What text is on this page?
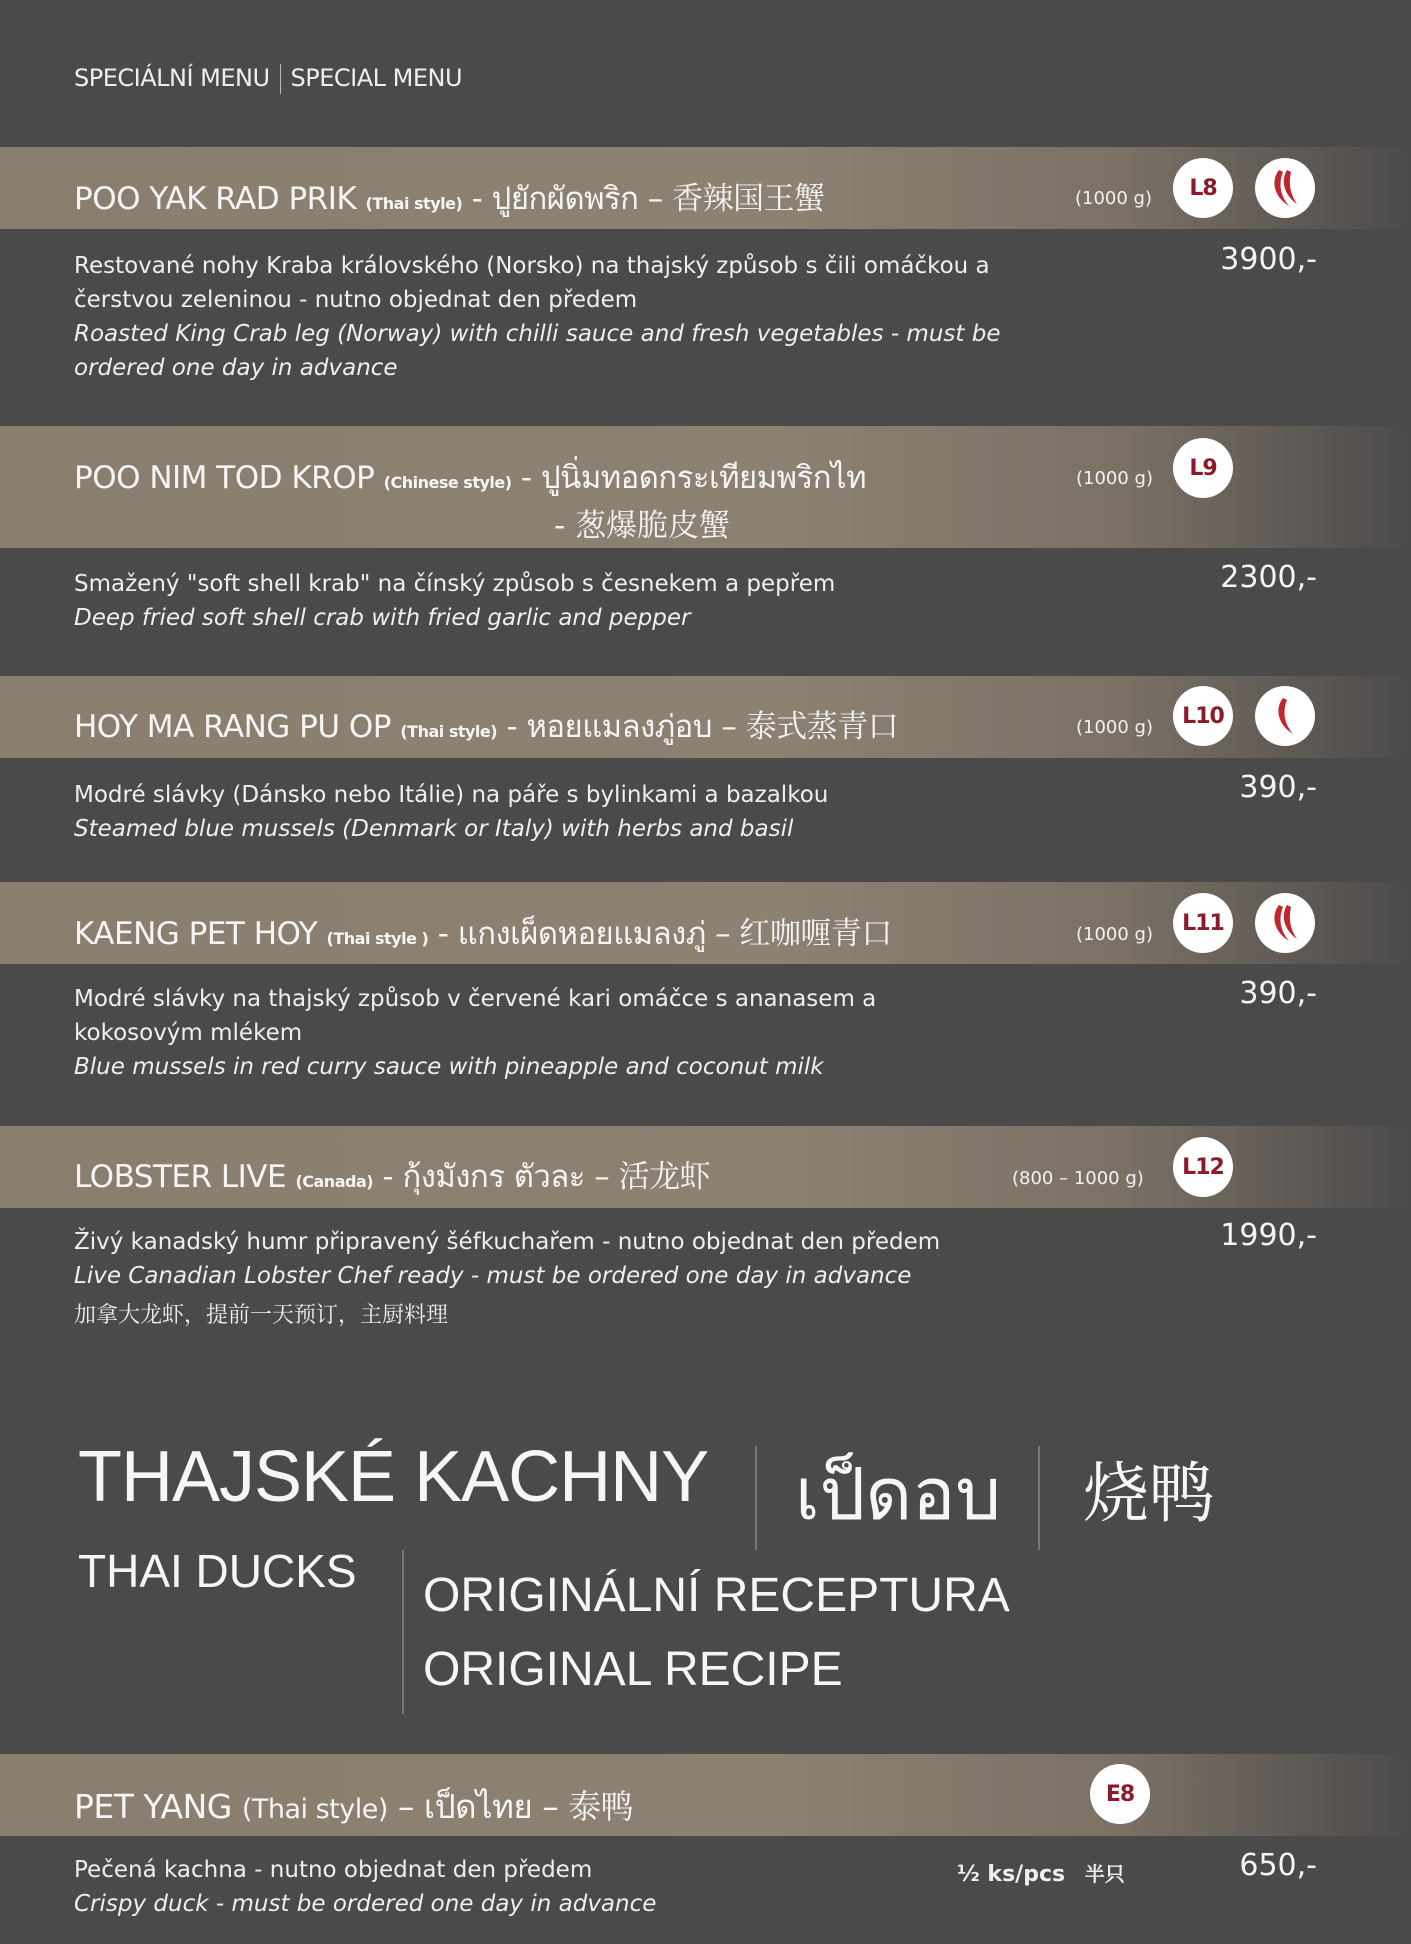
SPECIÁLNÍ MENU SPECIAL MENU
POO YAK RAD PRIK (Thai style) - ปูยักผัดพริก – 香辣国王蟹	(1000 g)	L8
Restované nohy Kraba královského (Norsko) na thajský způsob s čili omáčkou a čerstvou zeleninou - nutno objednat den předem
Roasted King Crab leg (Norway) with chilli sauce and fresh vegetables - must be ordered one day in advance
3900,-
POO NIM TOD KROP (Chinese style) - ปูนิ่มทอดกระเทียมพริกไท
- 葱爆脆皮蟹
(1000 g)	L9
Smažený "soft shell krab" na čínský způsob s česnekem a pepřem
Deep fried soft shell crab with fried garlic and pepper
2300,-
HOY MA RANG PU OP (Thai style) - หอยแมลงภู่อบ – 泰式蒸青口	(1000 g)	L10
Modré slávky (Dánsko nebo Itálie) na páře s bylinkami a bazalkou
Steamed blue mussels (Denmark or Italy) with herbs and basil
390,-
KAENG PET HOY (Thai style ) - แกงเผ็ดหอยแมลงภู่ – 红咖喱青口	(1000 g)	L11
Modré slávky na thajský způsob v červené kari omáčce s ananasem a kokosovým mlékem
Blue mussels in red curry sauce with pineapple and coconut milk
390,-
LOBSTER LIVE (Canada) - กุ้งมังกร ตัวละ – 活龙虾	(800 – 1000 g)	L12
Živý kanadský humr připravený šéfkuchařem - nutno objednat den předem
Live Canadian Lobster Chef ready - must be ordered one day in advance
加拿大龙虾，提前一天预订，主厨料理
1990,-
THAJSKÉ KACHNY เป็ดอบ 烧鸭
THAI DUCKS ORIGINÁLNÍ RECEPTURA
ORIGINAL RECIPE
PET YANG (Thai style) – เป็ดไทย – 泰鸭	E8
Pečená kachna - nutno objednat den předem
Crispy duck - must be ordered one day in advance
½ ks/pcs 半只	650,-
